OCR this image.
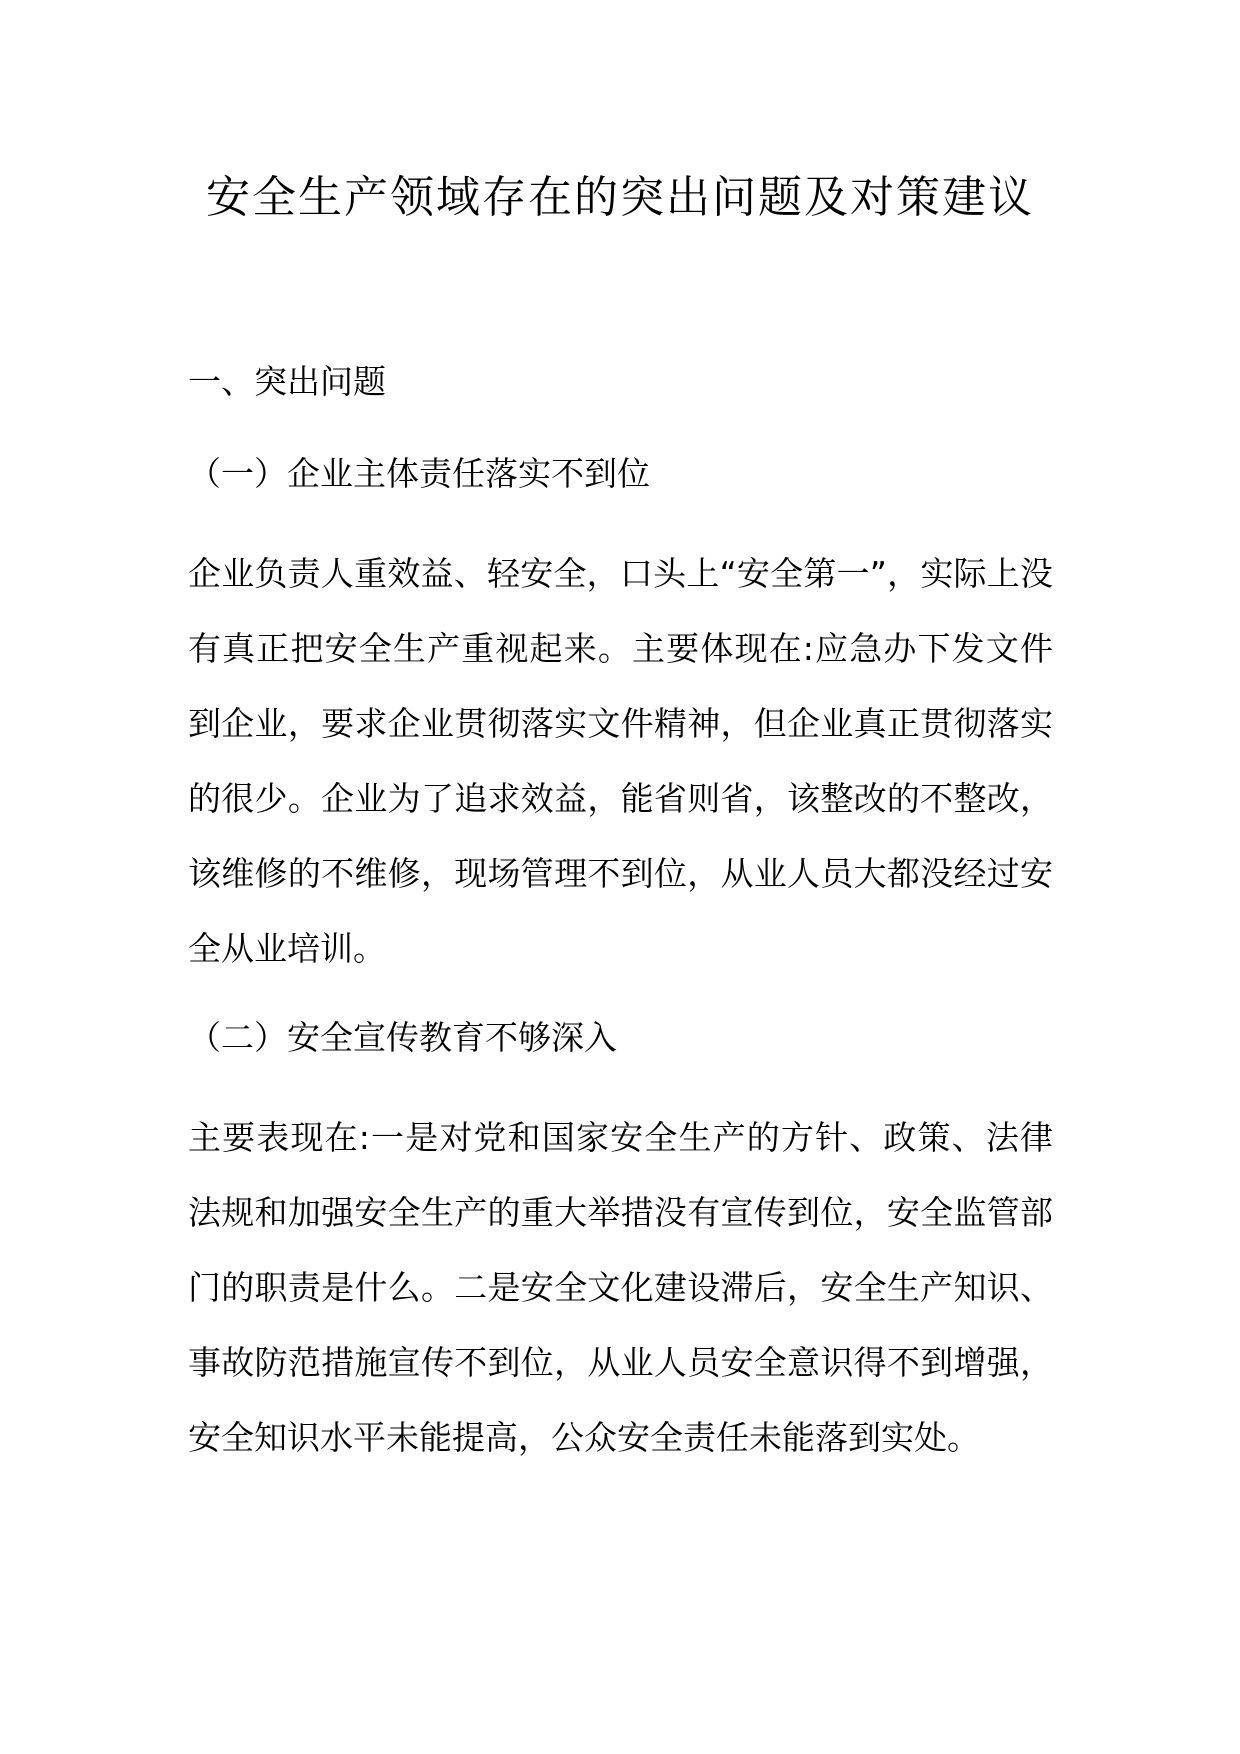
安全生产领域存在的突出问题及对策建议
一、突出问题
（一）企业主体责任落实不到位

企业负责人重效益、轻安全，口头上“安全第一”，实际上没有真正把安全生产重视起来。主要体现在:应急办下发文件到企业，要求企业贯彻落实文件精神，但企业真正贯彻落实的很少。企业为了追求效益，能省则省，该整改的不整改，该维修的不维修，现场管理不到位，从业人员大都没经过安全从业培训。

（二）安全宣传教育不够深入

主要表现在:一是对党和国家安全生产的方针、政策、法律法规和加强安全生产的重大举措没有宣传到位，安全监管部门的职责是什么。二是安全文化建设滞后，安全生产知识、事故防范措施宣传不到位，从业人员安全意识得不到增强，安全知识水平未能提高，公众安全责任未能落到实处。
